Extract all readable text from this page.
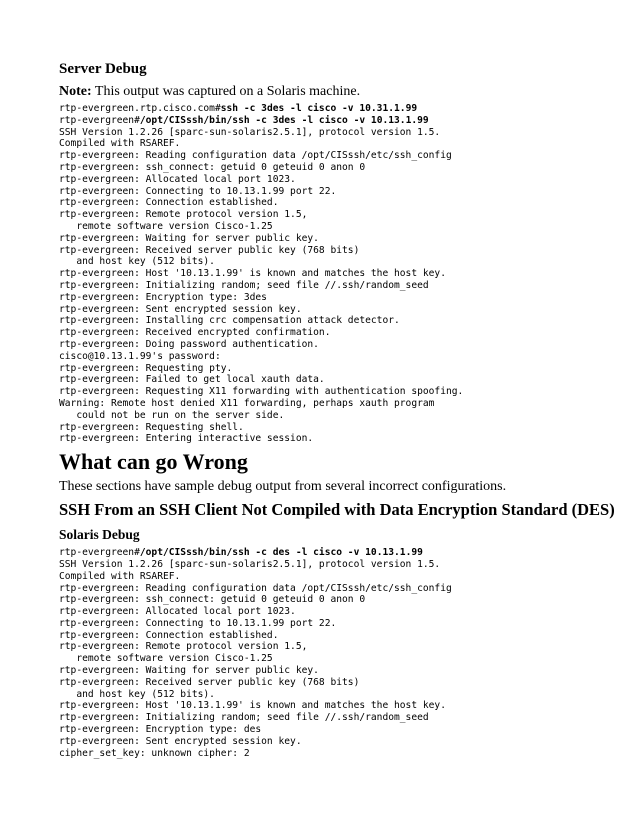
Server Debug

Note: This output was captured on a Solaris machine.

rtp-evergreen.rtp.cisco.com#ssh -c 3des -l cisco -v 10.31.1.99
rtp-evergreen#/opt/CISssh/bin/ssh -c 3des -l cisco -v 10.13.1.99
SSH Version 1.2.26 [sparc-sun-solaris2.5.1], protocol version 1.5.
Compiled with RSAREF.
rtp-evergreen: Reading configuration data /opt/CISssh/etc/ssh_config
rtp-evergreen: ssh_connect: getuid 0 geteuid 0 anon 0
rtp-evergreen: Allocated local port 1023.
rtp-evergreen: Connecting to 10.13.1.99 port 22.
rtp-evergreen: Connection established.
rtp-evergreen: Remote protocol version 1.5,
remote software version Cisco-1.25
rtp-evergreen: Waiting for server public key.
rtp-evergreen: Received server public key (768 bits)
and host key (512 bits).
rtp-evergreen: Host '10.13.1.99' is known and matches the host key.
rtp-evergreen: Initializing random; seed file //.ssh/random_seed
rtp-evergreen: Encryption type: 3des
rtp-evergreen: Sent encrypted session key.
rtp-evergreen: Installing crc compensation attack detector.
rtp-evergreen: Received encrypted confirmation.
rtp-evergreen: Doing password authentication.
cisco@10.13.1.99's password:
rtp-evergreen: Requesting pty.
rtp-evergreen: Failed to get local xauth data.
rtp-evergreen: Requesting X11 forwarding with authentication spoofing.
Warning: Remote host denied X11 forwarding, perhaps xauth program
could not be run on the server side.
rtp-evergreen: Requesting shell.
rtp-evergreen: Entering interactive session.
What can go Wrong

These sections have sample debug output from several incorrect configurations.

SSH From an SSH Client Not Compiled with Data Encryption Standard (DES)
Solaris Debug
rtp-evergreen#/opt/CISssh/bin/ssh -c des -l cisco -v 10.13.1.99
SSH Version 1.2.26 [sparc-sun-solaris2.5.1], protocol version 1.5.
Compiled with RSAREF.
rtp-evergreen: Reading configuration data /opt/CISssh/etc/ssh_config
rtp-evergreen: ssh_connect: getuid 0 geteuid 0 anon 0
rtp-evergreen: Allocated local port 1023.
rtp-evergreen: Connecting to 10.13.1.99 port 22.
rtp-evergreen: Connection established.
rtp-evergreen: Remote protocol version 1.5,
remote software version Cisco-1.25
rtp-evergreen: Waiting for server public key.
rtp-evergreen: Received server public key (768 bits)
and host key (512 bits).
rtp-evergreen: Host '10.13.1.99' is known and matches the host key.
rtp-evergreen: Initializing random; seed file //.ssh/random_seed
rtp-evergreen: Encryption type: des
rtp-evergreen: Sent encrypted session key.
cipher_set_key: unknown cipher: 2
